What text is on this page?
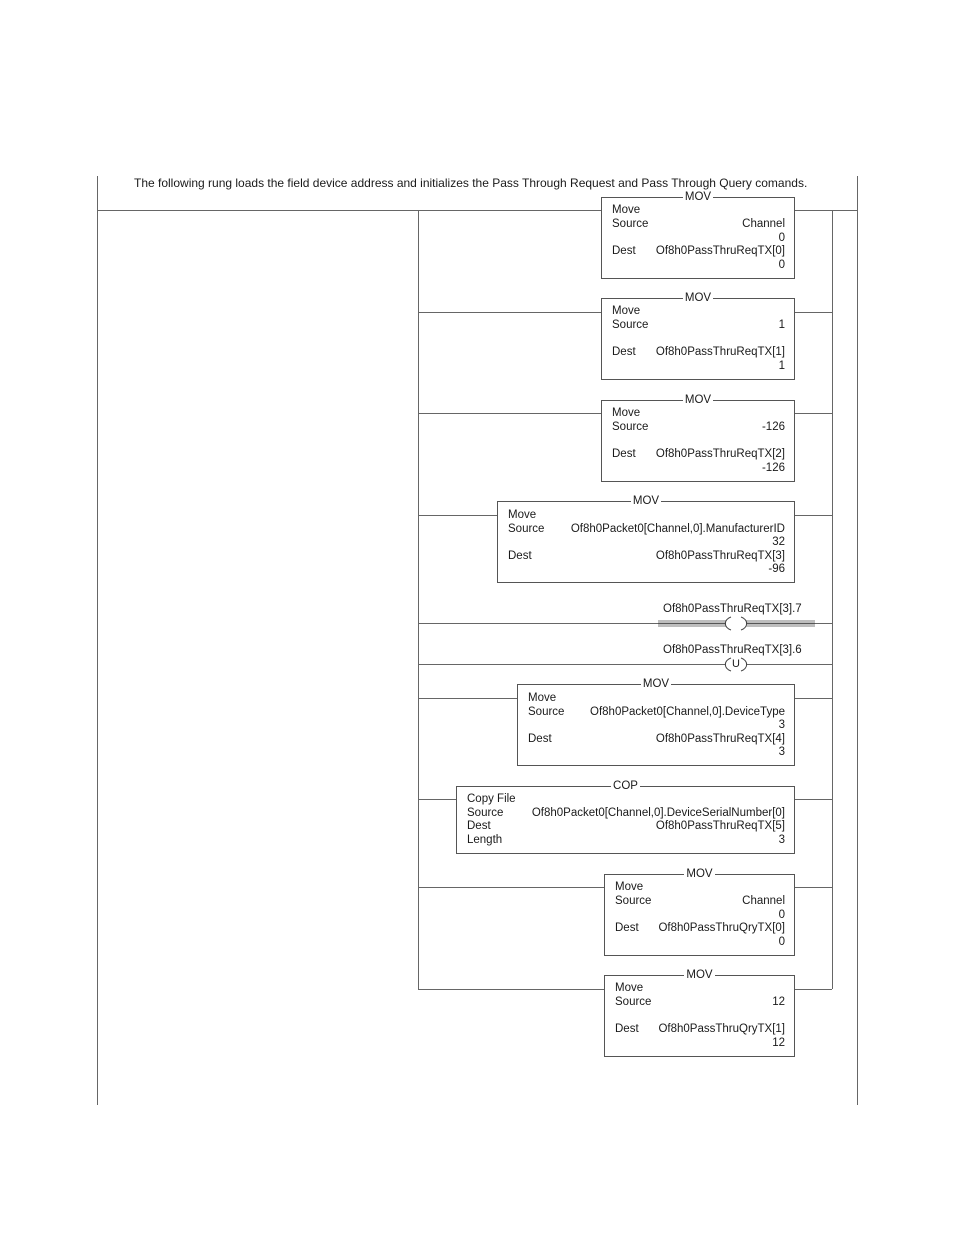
The following rung loads the field device address and initializes the Pass Through Request and Pass Through Query comands.
MOV
Move
Source	Channel
0
Dest Of8h0PassThruReqTX[0]
0
MOV
Move
Source	1
Dest Of8h0PassThruReqTX[1]
1
MOV
Move
Source	-126
Dest Of8h0PassThruReqTX[2]
-126
MOV
Move
Source Of8h0Packet0[Channel,0].ManufacturerID
32
Dest	Of8h0PassThruReqTX[3]
-96
Of8h0PassThruReqTX[3].7
Of8h0PassThruReqTX[3].6
U
MOV
Move
Source Of8h0Packet0[Channel,0].DeviceType
3
Dest	Of8h0PassThruReqTX[4]
3
COP
Copy File
Source Of8h0Packet0[Channel,0].DeviceSerialNumber[0]
Dest	Of8h0PassThruReqTX[5]
Length	3
MOV
Move
Source	Channel
0
Dest Of8h0PassThruQryTX[0]
0
MOV
Move
Source	12
Dest Of8h0PassThruQryTX[1]
12
